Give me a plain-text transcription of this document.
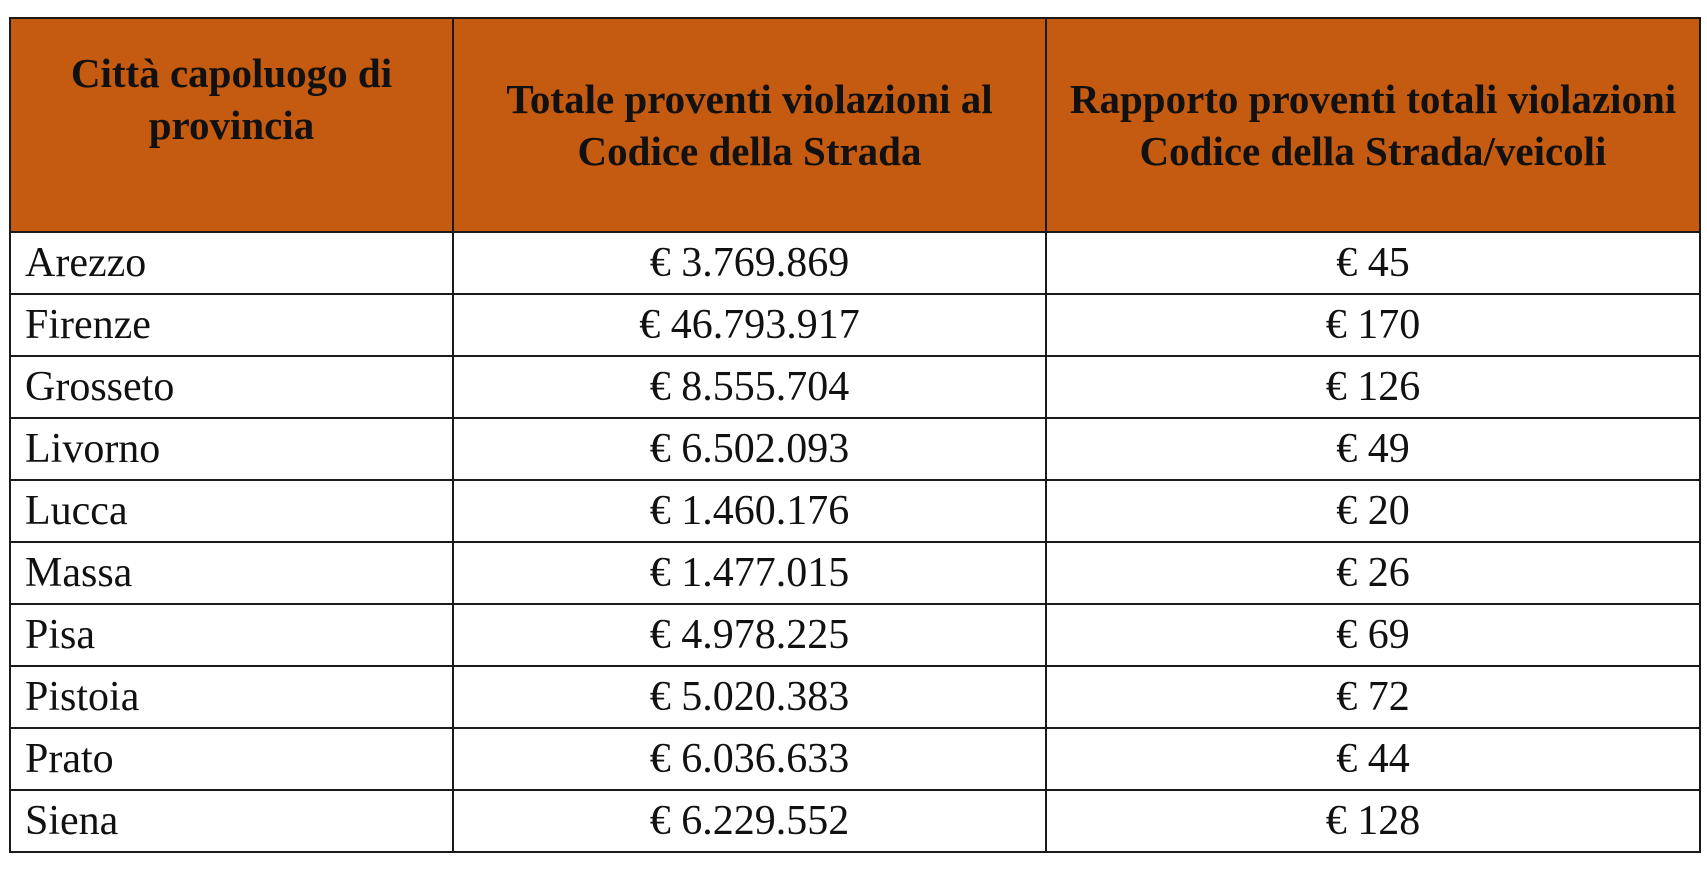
Città capoluogo di provincia	Totale proventi violazioni al Codice della Strada	Rapporto proventi totali violazioni Codice della Strada/veicoli
Arezzo	€ 3.769.869	€ 45
Firenze	€ 46.793.917	€ 170
Grosseto	€ 8.555.704	€ 126
Livorno	€ 6.502.093	€ 49
Lucca	€ 1.460.176	€ 20
Massa	€ 1.477.015	€ 26
Pisa	€ 4.978.225	€ 69
Pistoia	€ 5.020.383	€ 72
Prato	€ 6.036.633	€ 44
Siena	€ 6.229.552	€ 128
